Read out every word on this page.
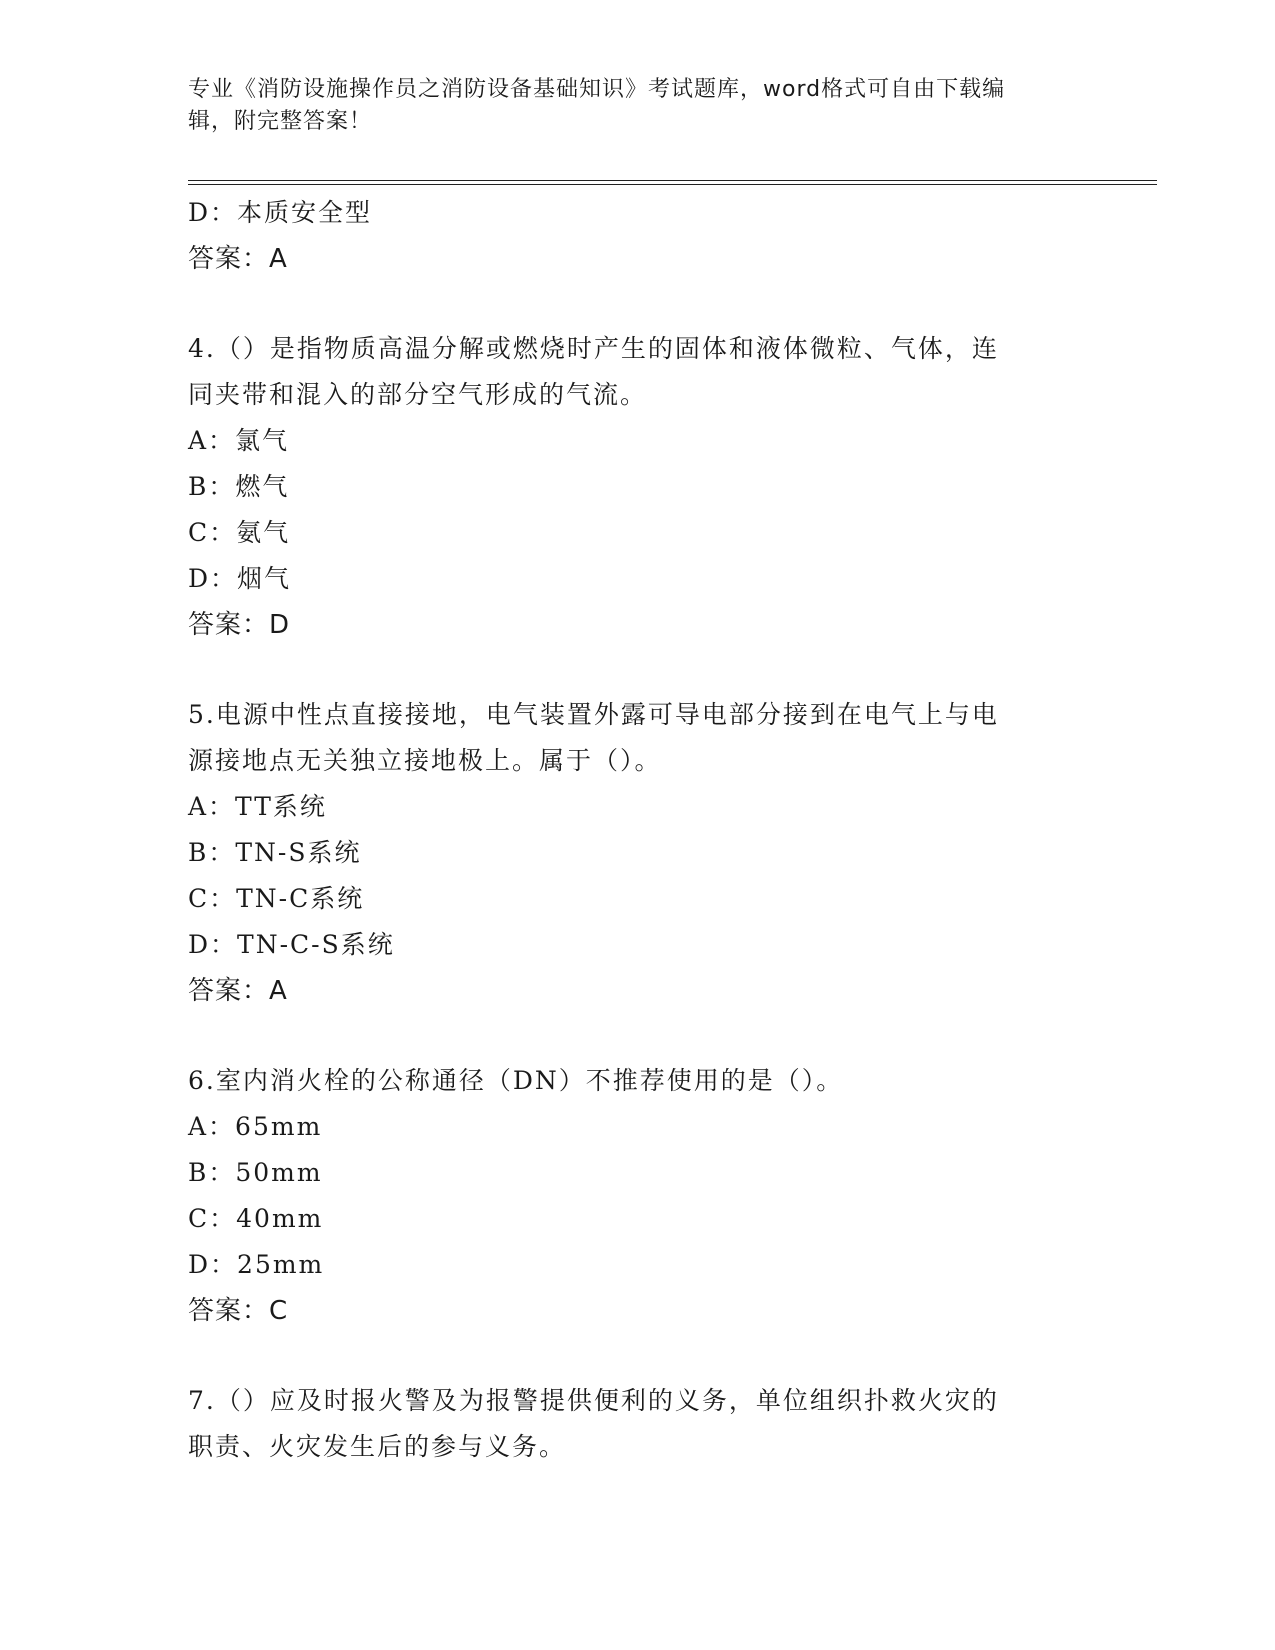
专业《消防设施操作员之消防设备基础知识》考试题库，word格式可自由下载编
辑，附完整答案！
D：本质安全型
答案：A
4.（）是指物质高温分解或燃烧时产生的固体和液体微粒、气体，连
同夹带和混入的部分空气形成的气流。
A：氯气
B：燃气
C：氨气
D：烟气
答案：D
5.电源中性点直接接地，电气装置外露可导电部分接到在电气上与电
源接地点无关独立接地极上。属于（）。
A：TT系统
B：TN-S系统
C：TN-C系统
D：TN-C-S系统
答案：A
6.室内消火栓的公称通径（DN）不推荐使用的是（）。
A：65mm
B：50mm
C：40mm
D：25mm
答案：C
7.（）应及时报火警及为报警提供便利的义务，单位组织扑救火灾的
职责、火灾发生后的参与义务。
